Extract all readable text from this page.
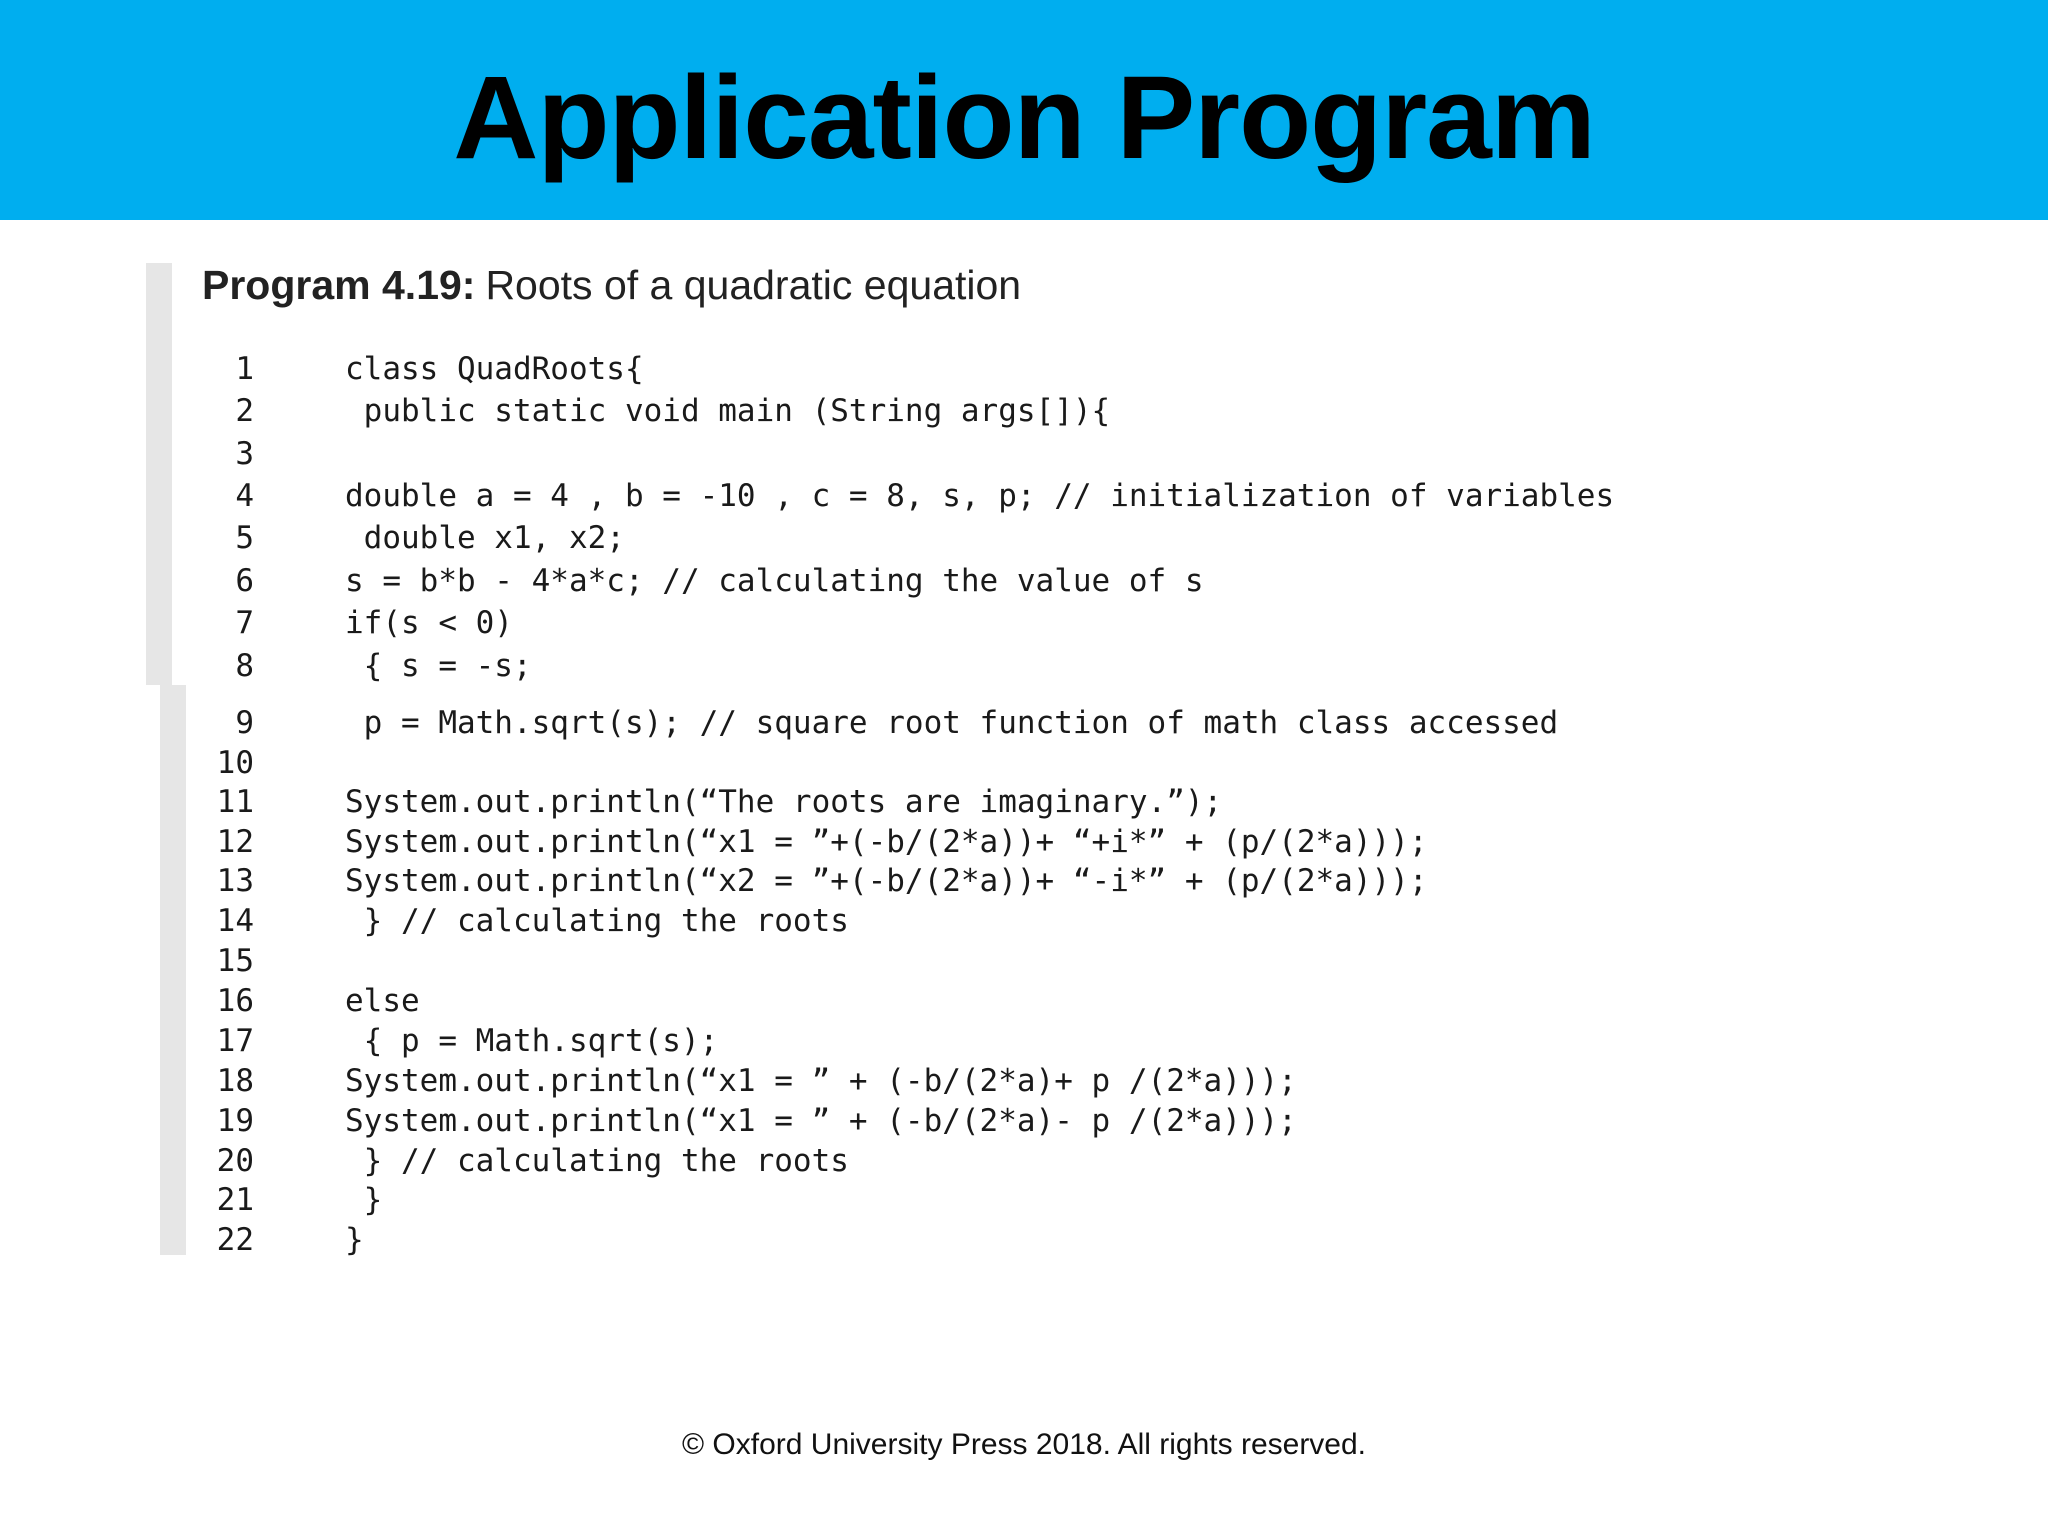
Application Program
Program 4.19: Roots of a quadratic equation
1	class QuadRoots{
2	public static void main (String args[]){
3
4	double a = 4 , b = -10 , c = 8, s, p; // initialization of variables
5	double x1, x2;
6	s = b*b - 4*a*c; // calculating the value of s
7	if(s < 0)
8	{ s = -s;
9	p = Math.sqrt(s); // square root function of math class accessed
10
11	System.out.println(“The roots are imaginary.”);
12	System.out.println(“x1 = ”+(-b/(2*a))+ “+i*” + (p/(2*a)));
13	System.out.println(“x2 = ”+(-b/(2*a))+ “-i*” + (p/(2*a)));
14	} // calculating the roots
15
16	else
17	{ p = Math.sqrt(s);
18	System.out.println(“x1 = ” + (-b/(2*a)+ p /(2*a)));
19	System.out.println(“x1 = ” + (-b/(2*a)- p /(2*a)));
20	} // calculating the roots
21	}
22	}
© Oxford University Press 2018. All rights reserved.
